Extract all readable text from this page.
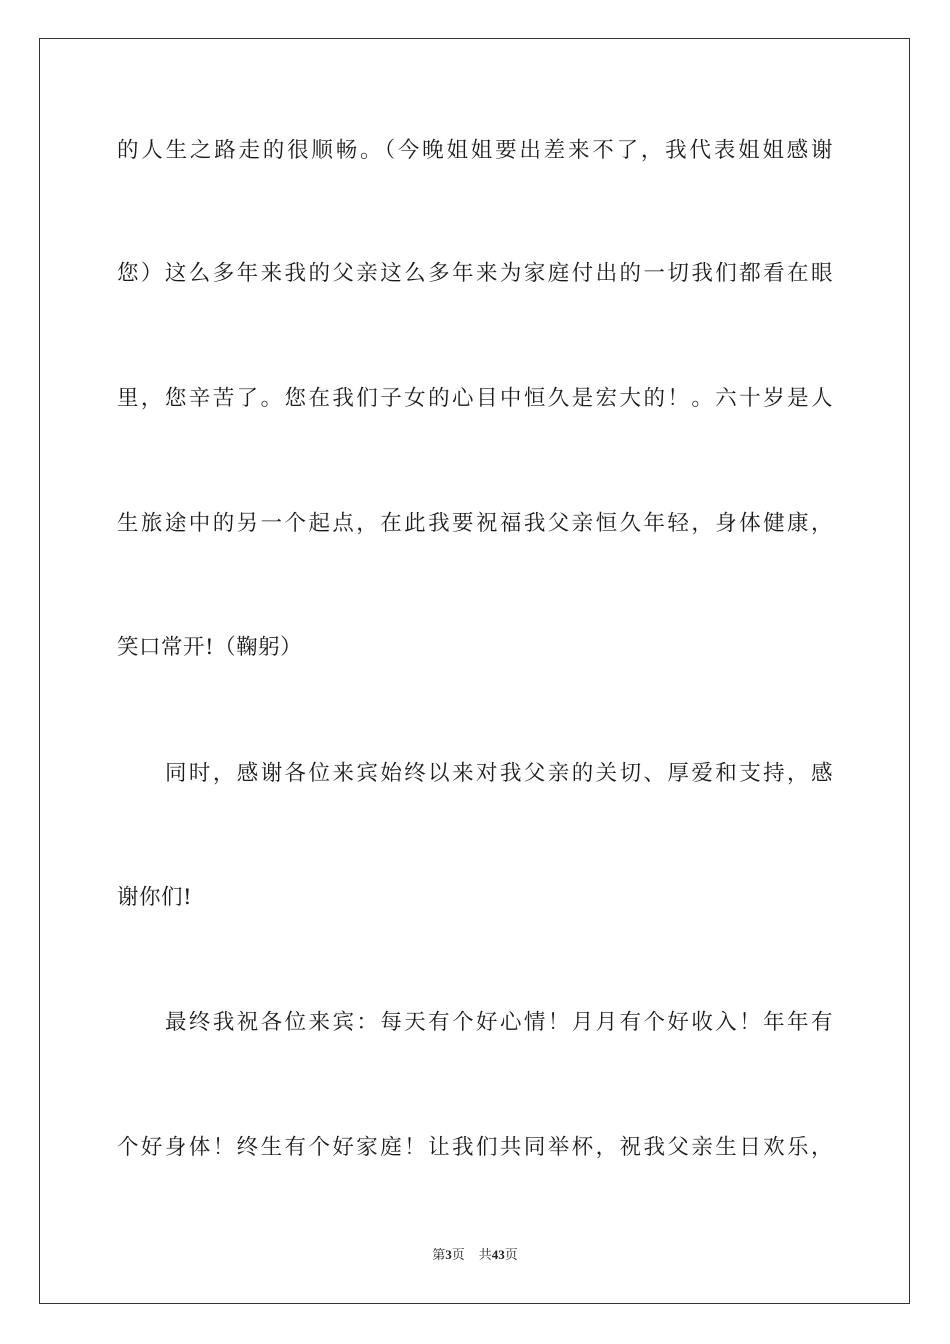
的人生之路走的很顺畅。（今晚姐姐要出差来不了，我代表姐姐感谢
您）这么多年来我的父亲这么多年来为家庭付出的一切我们都看在眼
里，您辛苦了。您在我们子女的心目中恒久是宏大的！。六十岁是人
生旅途中的另一个起点，在此我要祝福我父亲恒久年轻，身体健康，
笑口常开!（鞠躬）
同时，感谢各位来宾始终以来对我父亲的关切、厚爱和支持，感
谢你们!
最终我祝各位来宾：每天有个好心情！月月有个好收入！年年有
个好身体！终生有个好家庭！让我们共同举杯，祝我父亲生日欢乐，
第3页 共43页
